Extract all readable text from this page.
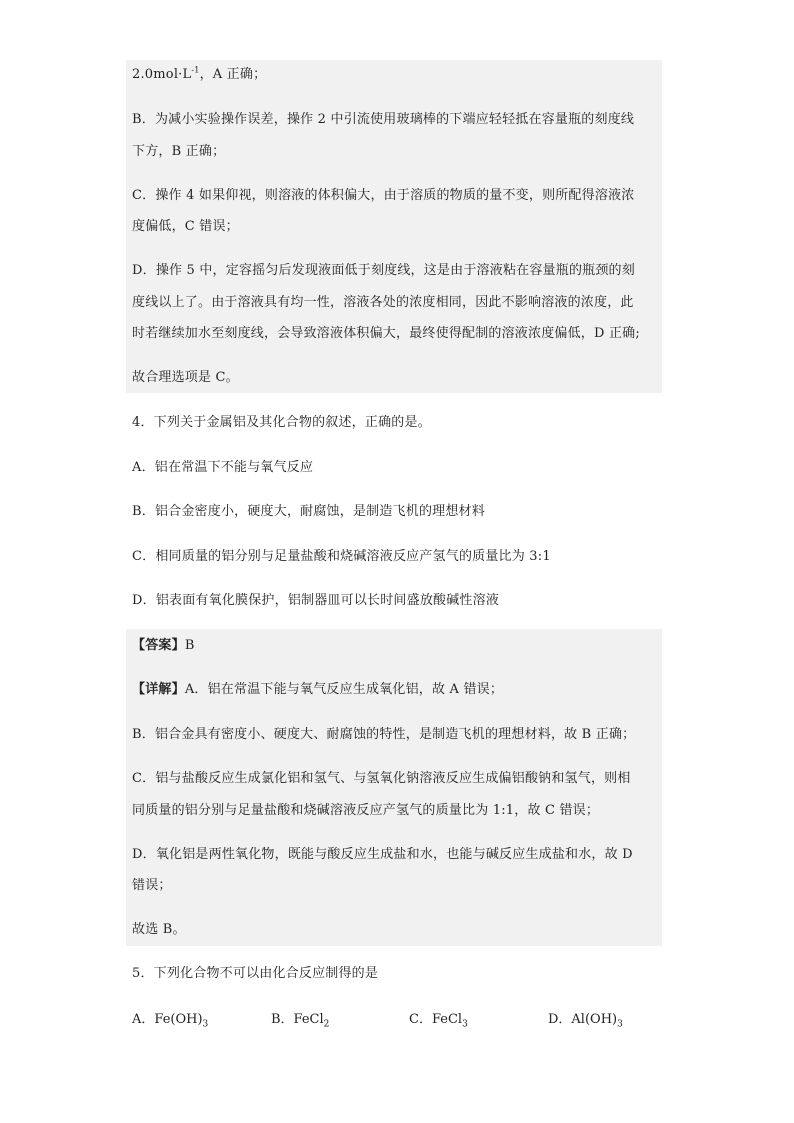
$2.0mol\cdot L^{-1}$，A 正确；
B．为减小实验操作误差，操作 2 中引流使用玻璃棒的下端应轻轻抵在容量瓶的刻度线
下方，B 正确；
C．操作 4 如果仰视，则溶液的体积偏大，由于溶质的物质的量不变，则所配得溶液浓
度偏低，C 错误；
D．操作 5 中，定容摇匀后发现液面低于刻度线，这是由于溶液粘在容量瓶的瓶颈的刻
度线以上了。由于溶液具有均一性，溶液各处的浓度相同，因此不影响溶液的浓度，此
时若继续加水至刻度线，会导致溶液体积偏大，最终使得配制的溶液浓度偏低，D 正确;
故合理选项是 C。
4．下列关于金属铝及其化合物的叙述，正确的是。
A．铝在常温下不能与氧气反应
B．铝合金密度小，硬度大，耐腐蚀，是制造飞机的理想材料
C．相同质量的铝分别与足量盐酸和烧碱溶液反应产氢气的质量比为 3:1
D．铝表面有氧化膜保护，铝制器皿可以长时间盛放酸碱性溶液
【答案】B
【详解】A．铝在常温下能与氧气反应生成氧化铝，故 A 错误；
B．铝合金具有密度小、硬度大、耐腐蚀的特性，是制造飞机的理想材料，故 B 正确；
C．铝与盐酸反应生成氯化铝和氢气、与氢氧化钠溶液反应生成偏铝酸钠和氢气，则相
同质量的铝分别与足量盐酸和烧碱溶液反应产氢气的质量比为 1:1，故 C 错误；
D．氧化铝是两性氧化物，既能与酸反应生成盐和水，也能与碱反应生成盐和水，故 D
错误；
故选 B。
5．下列化合物不可以由化合反应制得的是
A．$Fe(OH)_3$	B．FeCl$_2$	C．FeCl$_3$	D．$Al(OH)_3$
